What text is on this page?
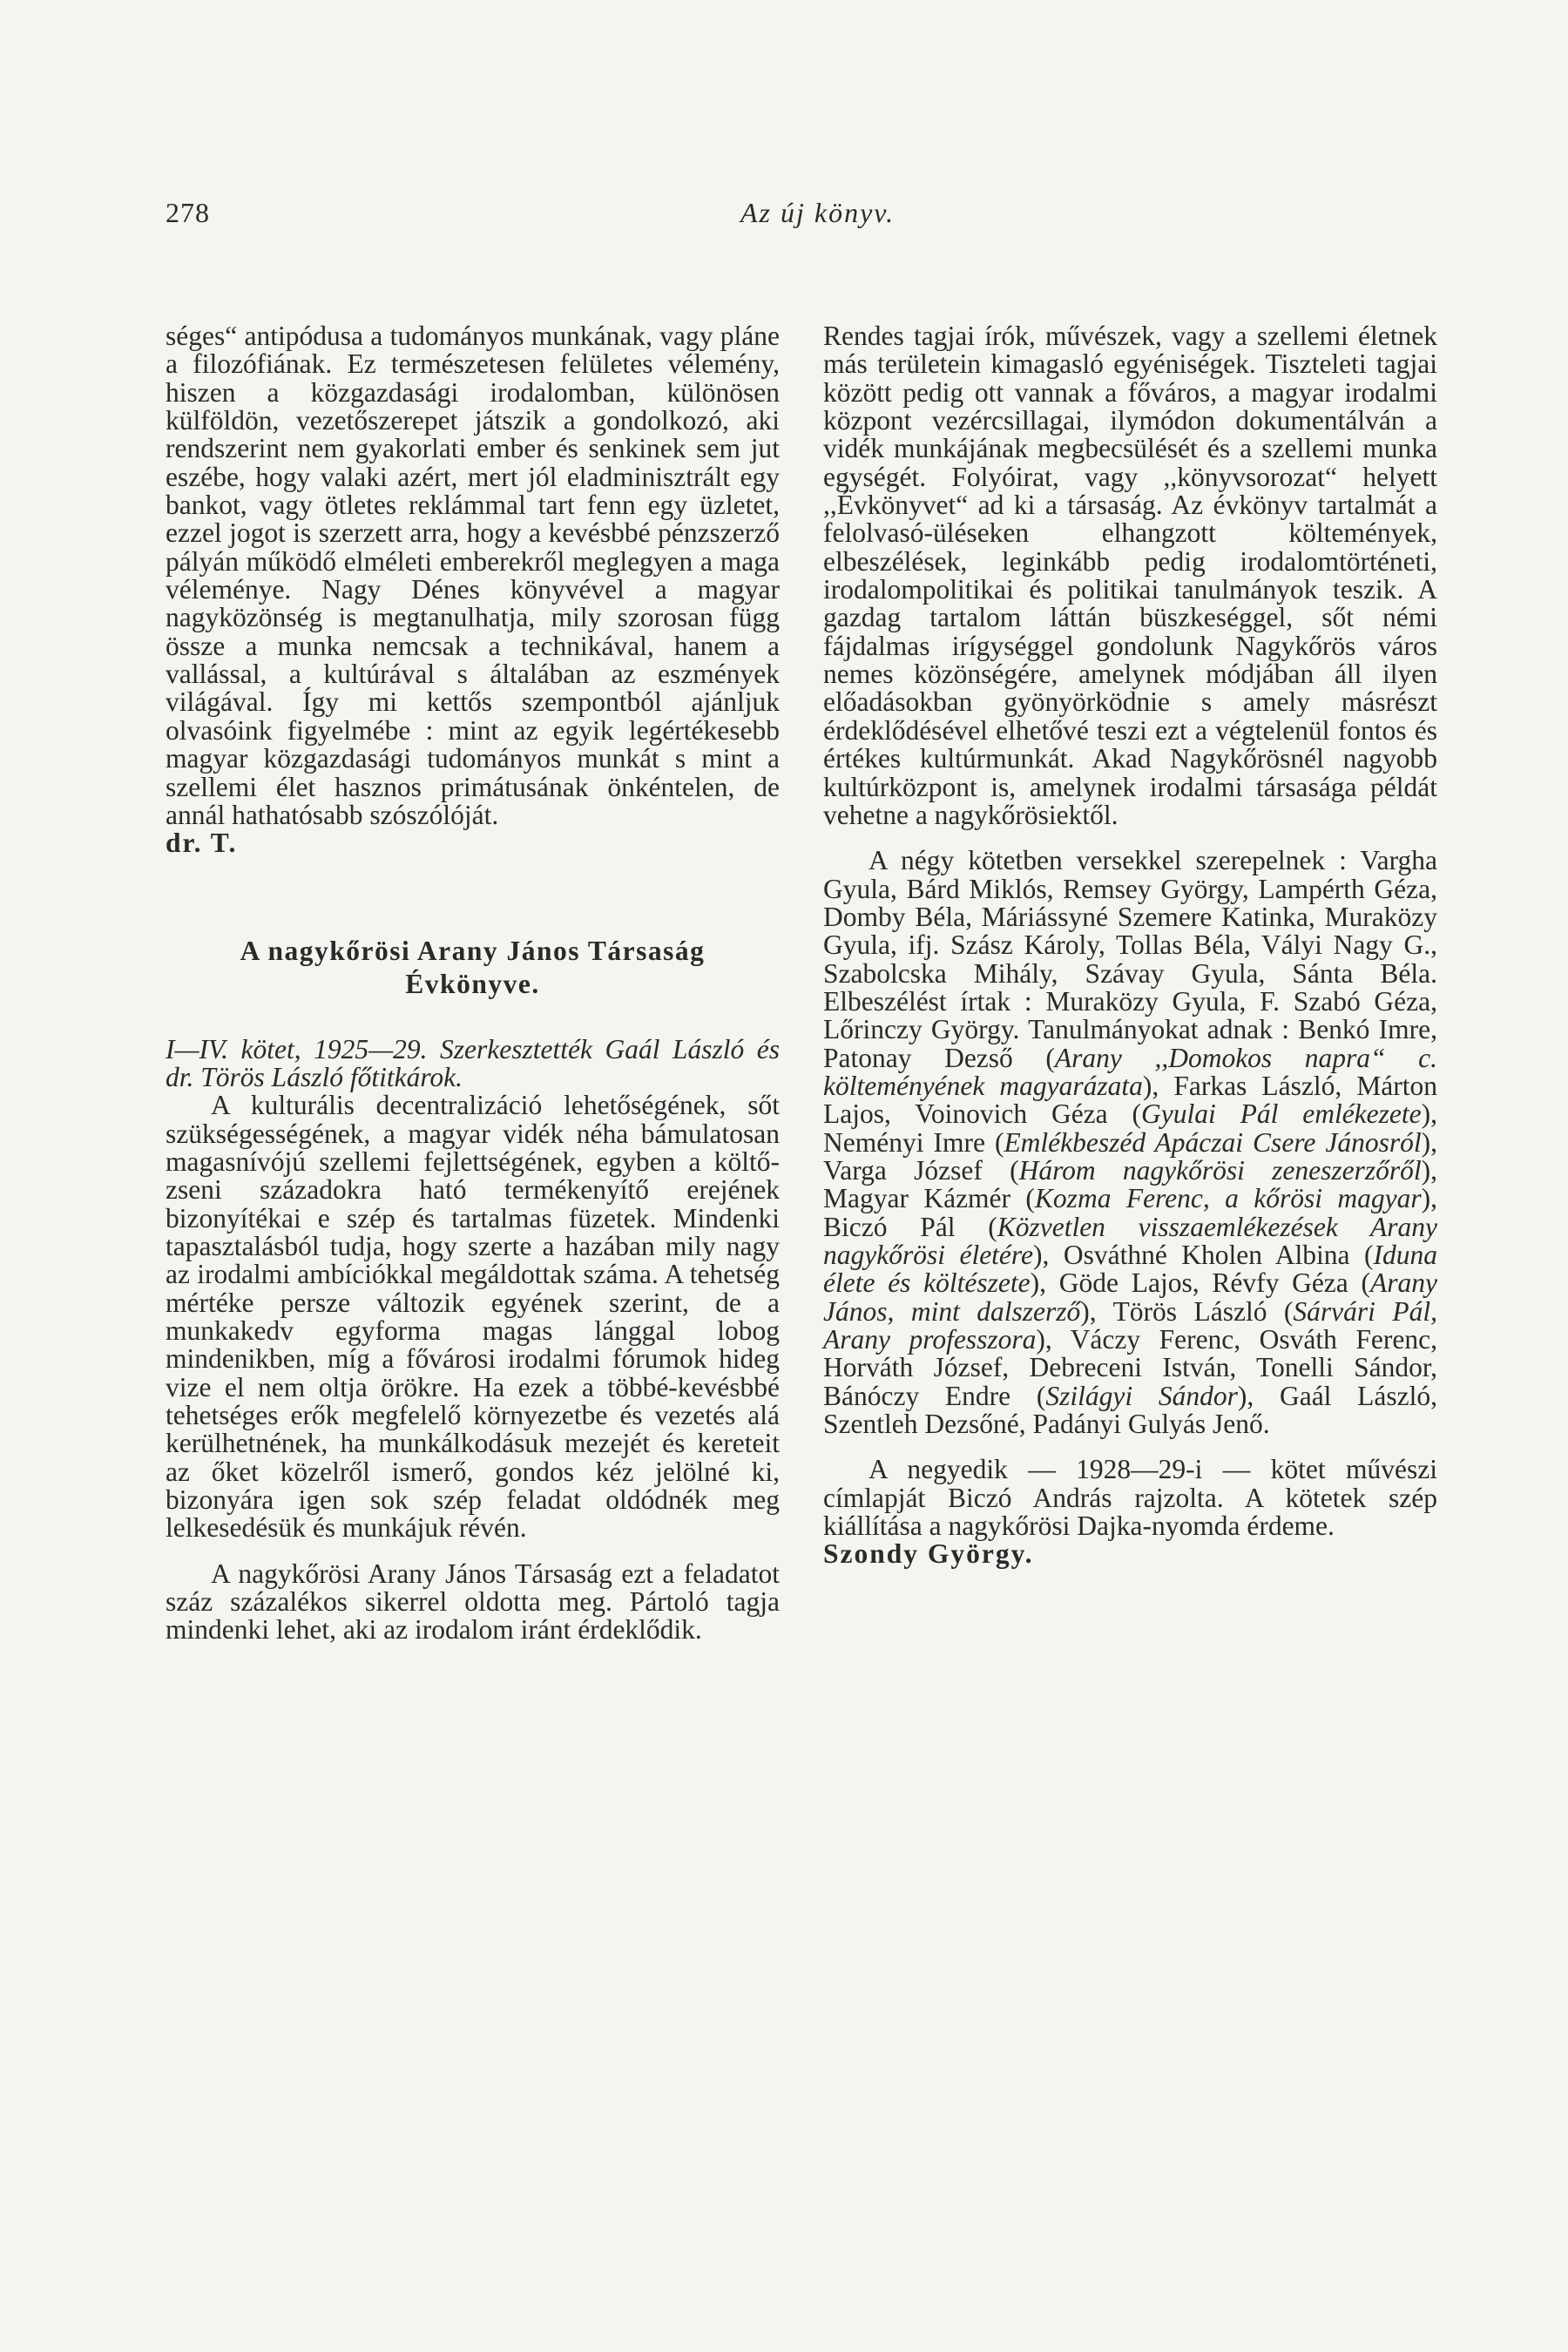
278	Az új könyv.

séges“ antipódusa a tudományos munkának, vagy pláne a filozófiának. Ez természetesen felületes vélemény, hiszen a közgazdasági irodalomban, különösen külföldön, vezetőszerepet játszik a gondolkozó, aki rendszerint nem gyakorlati ember és senkinek sem jut eszébe, hogy valaki azért, mert jól eladminisztrált egy bankot, vagy ötletes reklámmal tart fenn egy üzletet, ezzel jogot is szerzett arra, hogy a kevésbbé pénzszerző pályán működő elméleti emberekről meglegyen a maga véleménye. Nagy Dénes könyvével a magyar nagyközönség is megtanulhatja, mily szorosan függ össze a munka nemcsak a technikával, hanem a vallással, a kultúrával s általában az eszmények világával. Így mi kettős szempontból ajánljuk olvasóink figyelmébe : mint az egyik legértékesebb magyar közgazdasági tudományos munkát s mint a szellemi élet hasznos primátusának önkéntelen, de annál hathatósabb szószólóját.

dr. T.

A nagykőrösi Arany János Társaság
Évkönyve.

I—IV. kötet, 1925—29. Szerkesztették Gaál László és dr. Törös László főtitkárok.

A kulturális decentralizáció lehetőségének, sőt szükségességének, a magyar vidék néha bámulatosan magasnívójú szellemi fejlettségének, egyben a költő-zseni századokra ható termékenyítő erejének bizonyítékai e szép és tartalmas füzetek. Mindenki tapasztalásból tudja, hogy szerte a hazában mily nagy az irodalmi ambíciókkal megáldottak száma. A tehetség mértéke persze változik egyének szerint, de a munkakedv egyforma magas lánggal lobog mindenikben, míg a fővárosi irodalmi fórumok hideg vize el nem oltja örökre. Ha ezek a többé-kevésbbé tehetséges erők megfelelő környezetbe és vezetés alá kerülhetnének, ha munkálkodásuk mezejét és kereteit az őket közelről ismerő, gondos kéz jelölné ki, bizonyára igen sok szép feladat oldódnék meg lelkesedésük és munkájuk révén.

A nagykőrösi Arany János Társaság ezt a feladatot száz százalékos sikerrel oldotta meg. Pártoló tagja mindenki lehet, aki az irodalom iránt érdeklődik.

Rendes tagjai írók, művészek, vagy a szellemi életnek más területein kimagasló egyéniségek. Tiszteleti tagjai között pedig ott vannak a főváros, a magyar irodalmi központ vezércsillagai, ilymódon dokumentálván a vidék munkájának megbecsülését és a szellemi munka egységét. Folyóirat, vagy ,,könyvsorozat“ helyett ,,Évkönyvet“ ad ki a társaság. Az évkönyv tartalmát a felolvasó-üléseken elhangzott költemények, elbeszélések, leginkább pedig irodalomtörténeti, irodalompolitikai és politikai tanulmányok teszik. A gazdag tartalom láttán büszkeséggel, sőt némi fájdalmas irígységgel gondolunk Nagykőrös város nemes közönségére, amelynek módjában áll ilyen előadásokban gyönyörködnie s amely másrészt érdeklődésével elhetővé teszi ezt a végtelenül fontos és értékes kultúrmunkát. Akad Nagykőrösnél nagyobb kultúrközpont is, amelynek irodalmi társasága példát vehetne a nagykőrösiektől.

A négy kötetben versekkel szerepelnek : Vargha Gyula, Bárd Miklós, Remsey György, Lampérth Géza, Domby Béla, Máriássyné Szemere Katinka, Muraközy Gyula, ifj. Szász Károly, Tollas Béla, Vályi Nagy G., Szabolcska Mihály, Szávay Gyula, Sánta Béla. Elbeszélést írtak : Muraközy Gyula, F. Szabó Géza, Lőrinczy György. Tanulmányokat adnak : Benkó Imre, Patonay Dezső (Arany ,,Domokos napra“ c. költeményének magyarázata), Farkas László, Márton Lajos, Voinovich Géza (Gyulai Pál emlékezete), Neményi Imre (Emlékbeszéd Apáczai Csere Jánosról), Varga József (Három nagykőrösi zeneszerzőről), Magyar Kázmér (Kozma Ferenc, a kőrösi magyar), Biczó Pál (Közvetlen visszaemlékezések Arany nagykőrösi életére), Osváthné Kholen Albina (Iduna élete és költészete), Göde Lajos, Révfy Géza (Arany János, mint dalszerző), Törös László (Sárvári Pál, Arany professzora), Váczy Ferenc, Osváth Ferenc, Horváth József, Debreceni István, Tonelli Sándor, Bánóczy Endre (Szilágyi Sándor), Gaál László, Szentleh Dezsőné, Padányi Gulyás Jenő.

A negyedik — 1928—29-i — kötet művészi címlapját Biczó András rajzolta. A kötetek szép kiállítása a nagykőrösi Dajka-nyomda érdeme.

Szondy György.
